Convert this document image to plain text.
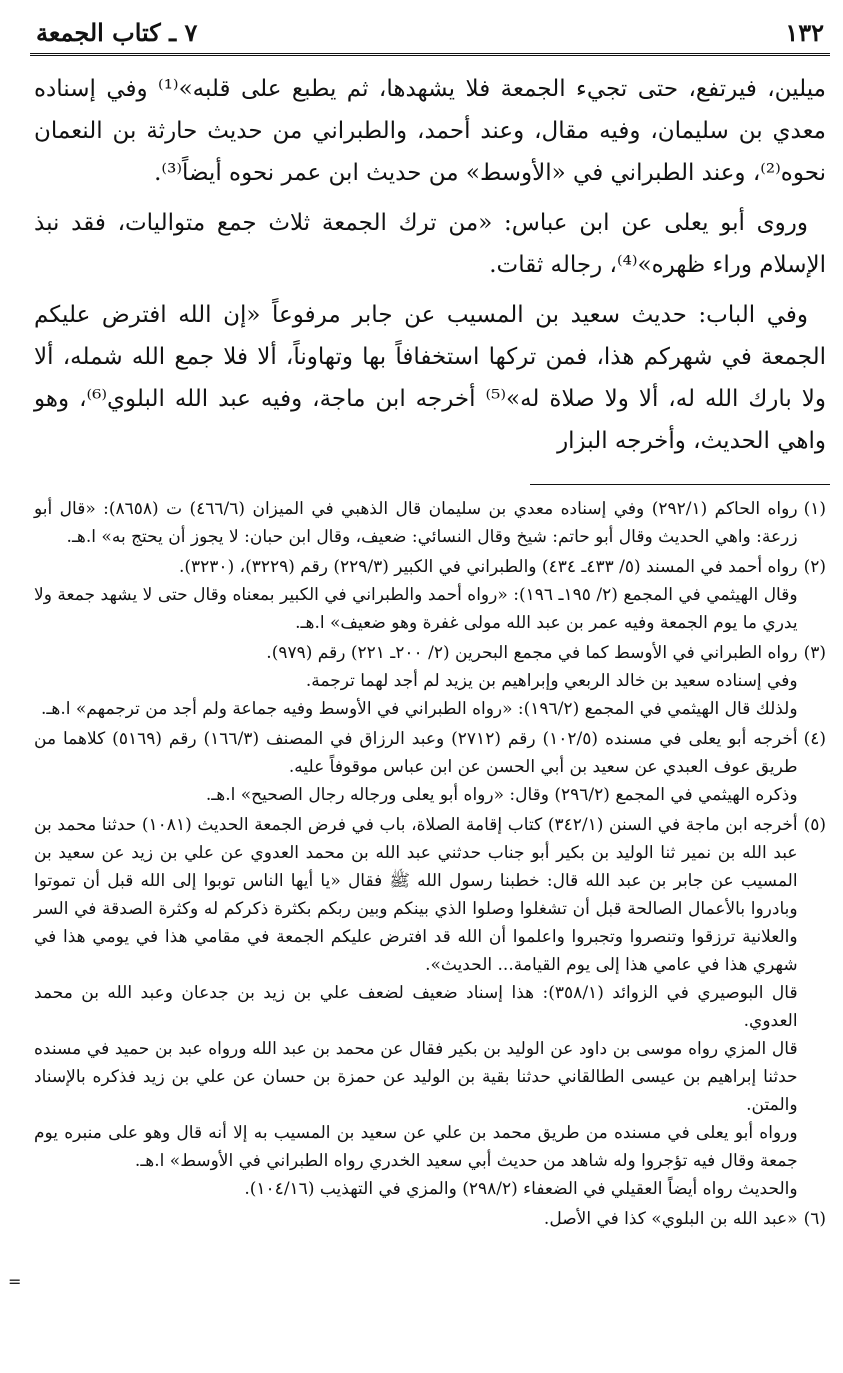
١٣٢
٧ ـ كتاب الجمعة

ميلين، فيرتفع، حتى تجيء الجمعة فلا يشهدها، ثم يطبع على قلبه»⁽¹⁾ وفي إسناده معدي بن سليمان، وفيه مقال، وعند أحمد، والطبراني من حديث حارثة بن النعمان نحوه⁽²⁾، وعند الطبراني في «الأوسط» من حديث ابن عمر نحوه أيضاً⁽³⁾.

وروى أبو يعلى عن ابن عباس: «من ترك الجمعة ثلاث جمع متواليات، فقد نبذ الإسلام وراء ظهره»⁽⁴⁾، رجاله ثقات.

وفي الباب: حديث سعيد بن المسيب عن جابر مرفوعاً «إن الله افترض عليكم الجمعة في شهركم هذا، فمن تركها استخفافاً بها وتهاوناً، ألا فلا جمع الله شمله، ألا ولا بارك الله له، ألا ولا صلاة له»⁽⁵⁾ أخرجه ابن ماجة، وفيه عبد الله البلوي⁽⁶⁾، وهو واهي الحديث، وأخرجه البزار

(١)
رواه الحاكم (٢٩٢/١) وفي إسناده معدي بن سليمان قال الذهبي في الميزان (٤٦٦/٦) ت (٨٦٥٨): «قال أبو زرعة: واهي الحديث وقال أبو حاتم: شيخ وقال النسائي: ضعيف، وقال ابن حبان: لا يجوز أن يحتج به» ا.هـ.
(٢)
رواه أحمد في المسند (٥/ ٤٣٣ـ ٤٣٤) والطبراني في الكبير (٢٢٩/٣) رقم (٣٢٢٩)، (٣٢٣٠).
وقال الهيثمي في المجمع (٢/ ١٩٥ـ ١٩٦): «رواه أحمد والطبراني في الكبير بمعناه وقال حتى لا يشهد جمعة ولا يدري ما يوم الجمعة وفيه عمر بن عبد الله مولى غفرة وهو ضعيف» ا.هـ.
(٣)
رواه الطبراني في الأوسط كما في مجمع البحرين (٢/ ٢٠٠ـ ٢٢١) رقم (٩٧٩).
وفي إسناده سعيد بن خالد الربعي وإبراهيم بن يزيد لم أجد لهما ترجمة.
ولذلك قال الهيثمي في المجمع (١٩٦/٢): «رواه الطبراني في الأوسط وفيه جماعة ولم أجد من ترجمهم» ا.هـ.
(٤)
أخرجه أبو يعلى في مسنده (١٠٢/٥) رقم (٢٧١٢) وعبد الرزاق في المصنف (١٦٦/٣) رقم (٥١٦٩) كلاهما من طريق عوف العبدي عن سعيد بن أبي الحسن عن ابن عباس موقوفاً عليه.
وذكره الهيثمي في المجمع (٢٩٦/٢) وقال: «رواه أبو يعلى ورجاله رجال الصحيح» ا.هـ.
(٥)
أخرجه ابن ماجة في السنن (٣٤٢/١) كتاب إقامة الصلاة، باب في فرض الجمعة الحديث (١٠٨١) حدثنا محمد بن عبد الله بن نمير ثنا الوليد بن بكير أبو جناب حدثني عبد الله بن محمد العدوي عن علي بن زيد عن سعيد بن المسيب عن جابر بن عبد الله قال: خطبنا رسول الله ﷺ فقال «يا أيها الناس توبوا إلى الله قبل أن تموتوا وبادروا بالأعمال الصالحة قبل أن تشغلوا وصلوا الذي بينكم وبين ربكم بكثرة ذكركم له وكثرة الصدقة في السر والعلانية ترزقوا وتنصروا وتجبروا واعلموا أن الله قد افترض عليكم الجمعة في مقامي هذا في يومي هذا في شهري هذا في عامي هذا إلى يوم القيامة... الحديث».
قال البوصيري في الزوائد (٣٥٨/١): هذا إسناد ضعيف لضعف علي بن زيد بن جدعان وعبد الله بن محمد العدوي.
قال المزي رواه موسى بن داود عن الوليد بن بكير فقال عن محمد بن عبد الله ورواه عبد بن حميد في مسنده حدثنا إبراهيم بن عيسى الطالقاني حدثنا بقية بن الوليد عن حمزة بن حسان عن علي بن زيد فذكره بالإسناد والمتن.
ورواه أبو يعلى في مسنده من طريق محمد بن علي عن سعيد بن المسيب به إلا أنه قال وهو على منبره يوم جمعة وقال فيه تؤجروا وله شاهد من حديث أبي سعيد الخدري رواه الطبراني في الأوسط» ا.هـ.
والحديث رواه أيضاً العقيلي في الضعفاء (٢٩٨/٢) والمزي في التهذيب (١٠٤/١٦).
(٦)
«عبد الله بن البلوي» كذا في الأصل.
=
